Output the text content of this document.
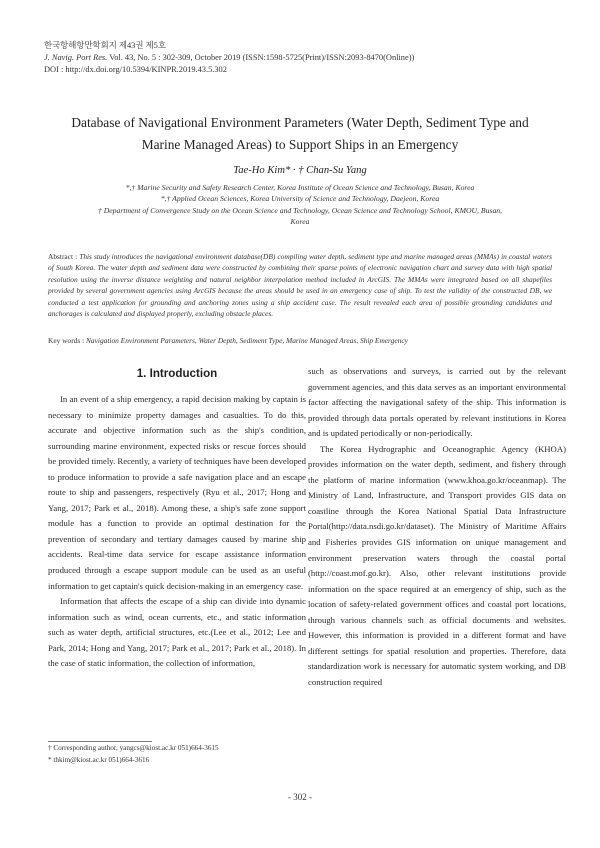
한국항해항만학회지 제43권 제5호
J. Navig. Port Res. Vol. 43, No. 5 : 302-309, October 2019 (ISSN:1598-5725(Print)/ISSN:2093-8470(Online))
DOI : http://dx.doi.org/10.5394/KINPR.2019.43.5.302
Database of Navigational Environment Parameters (Water Depth, Sediment Type and
Marine Managed Areas) to Support Ships in an Emergency
Tae-Ho Kim* · † Chan-Su Yang
*,† Marine Security and Safety Research Center, Korea Institute of Ocean Science and Technology, Busan, Korea
*,† Applied Ocean Sciences, Korea University of Science and Technology, Daejeon, Korea
† Department of Convergence Study on the Ocean Science and Technology, Ocean Science and Technology School, KMOU, Busan,
Korea
Abstract : This study introduces the navigational environment database(DB) compiling water depth, sediment type and marine managed areas (MMAs) in coastal waters of South Korea. The water depth and sediment data were constructed by combining their sparse points of electronic navigation chart and survey data with high spatial resolution using the inverse distance weighting and natural neighbor interpolation method included in ArcGIS. The MMAs were integrated based on all shapefiles provided by several government agencies using ArcGIS because the areas should be used in an emergency case of ship. To test the validity of the constructed DB, we conducted a test application for grounding and anchoring zones using a ship accident case. The result revealed each area of possible grounding candidates and anchorages is calculated and displayed properly, excluding obstacle places.
Key words : Navigation Environment Parameters, Water Depth, Sediment Type, Marine Managed Areas, Ship Emergency
1. Introduction

In an event of a ship emergency, a rapid decision making by captain is necessary to minimize property damages and casualties. To do this, accurate and objective information such as the ship's condition, surrounding marine environment, expected risks or rescue forces should be provided timely. Recently, a variety of techniques have been developed to produce information to provide a safe navigation place and an escape route to ship and passengers, respectively (Ryu et al., 2017; Hong and Yang, 2017; Park et al., 2018). Among these, a ship's safe zone support module has a function to provide an optimal destination for the prevention of secondary and tertiary damages caused by marine ship accidents. Real-time data service for escape assistance information produced through a escape support module can be used as an useful information to get captain's quick decision-making in an emergency case.

Information that affects the escape of a ship can divide into dynamic information such as wind, ocean currents, etc., and static information such as water depth, artificial structures, etc.(Lee et al., 2012; Lee and Park, 2014; Hong and Yang, 2017; Park et al., 2017; Park et al., 2018). In the case of static information, the collection of information,

such as observations and surveys, is carried out by the relevant government agencies, and this data serves as an important environmental factor affecting the navigational safety of the ship. This information is provided through data portals operated by relevant institutions in Korea and is updated periodically or non-periodically.

The Korea Hydrographic and Oceanographic Agency (KHOA) provides information on the water depth, sediment, and fishery through the platform of marine information (www.khoa.go.kr/oceanmap). The Ministry of Land, Infrastructure, and Transport provides GIS data on coastline through the Korea National Spatial Data Infrastructure Portal(http://data.nsdi.go.kr/dataset). The Ministry of Maritime Affairs and Fisheries provides GIS information on unique management and environment preservation waters through the coastal portal (http://coast.mof.go.kr). Also, other relevant institutions provide information on the space required at an emergency of ship, such as the location of safety-related government offices and coastal port locations, through various channels such as official documents and websites. However, this information is provided in a different format and have different settings for spatial resolution and properties. Therefore, data standardization work is necessary for automatic system working, and DB construction required

† Corresponding author, yangcs@kiost.ac.kr 051)664-3615
* thkim@kiost.ac.kr 051)664-3616
- 302 -
